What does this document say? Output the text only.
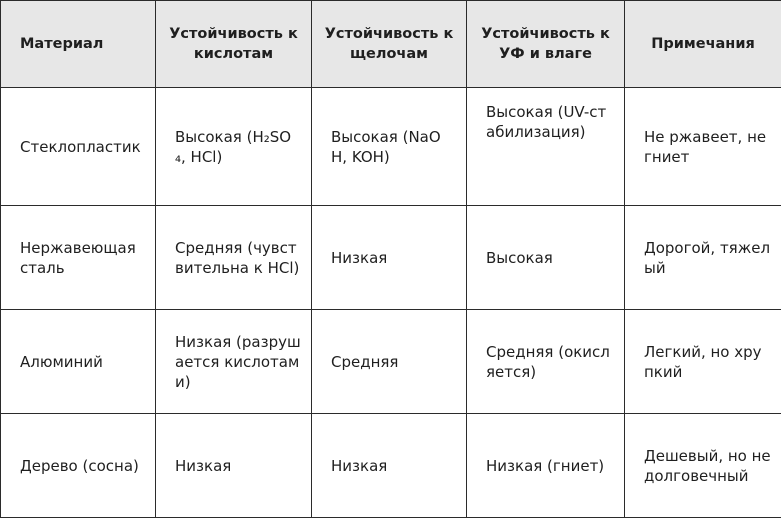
Материал	Устойчивость к кислотам	Устойчивость к щелочам	Устойчивость к УФ и влаге	Примечания
Стеклопластик	Высокая (H₂SO₄, HCl)	Высокая (NaOH, KOH)	Высокая (UV-стабилизация)	Не ржавеет, не гниет
Нержавеющая сталь	Средняя (чувствительна к HCl)	Низкая	Высокая	Дорогой, тяжелый
Алюминий	Низкая (разрушается кислотами)	Средняя	Средняя (окисляется)	Легкий, но хрупкий
Дерево (сосна)	Низкая	Низкая	Низкая (гниет)	Дешевый, но недолговечный
